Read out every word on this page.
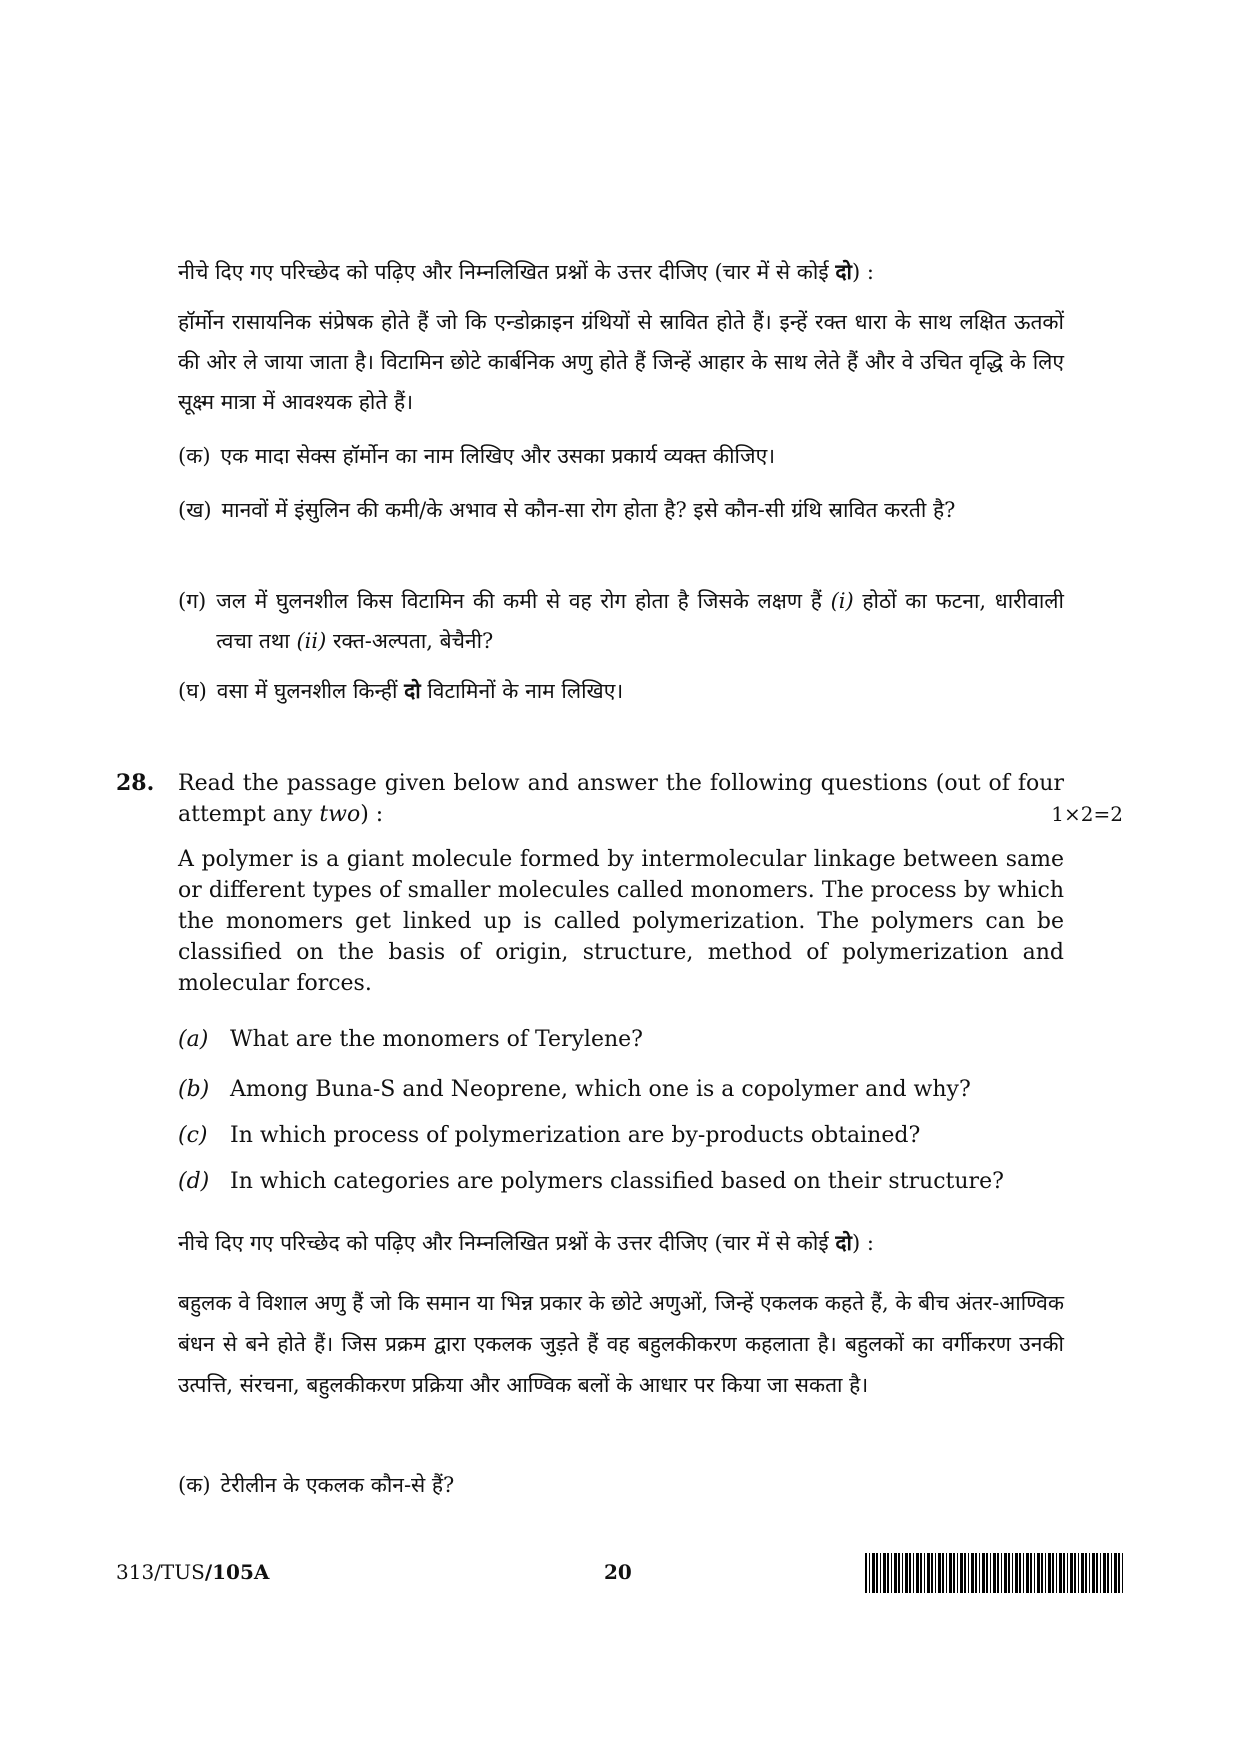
नीचे दिए गए परिच्छेद को पढ़िए और निम्नलिखित प्रश्नों के उत्तर दीजिए (चार में से कोई दो) :
हॉर्मोन रासायनिक संप्रेषक होते हैं जो कि एन्डोक्राइन ग्रंथियों से स्रावित होते हैं। इन्हें रक्त धारा के साथ लक्षित ऊतकों की ओर ले जाया जाता है। विटामिन छोटे कार्बनिक अणु होते हैं जिन्हें आहार के साथ लेते हैं और वे उचित वृद्धि के लिए सूक्ष्म मात्रा में आवश्यक होते हैं।
(क) एक मादा सेक्स हॉर्मोन का नाम लिखिए और उसका प्रकार्य व्यक्त कीजिए।
(ख) मानवों में इंसुलिन की कमी/के अभाव से कौन-सा रोग होता है? इसे कौन-सी ग्रंथि स्रावित करती है?
(ग) जल में घुलनशील किस विटामिन की कमी से वह रोग होता है जिसके लक्षण हैं (i) होठों का फटना, धारीवाली त्वचा तथा (ii) रक्त-अल्पता, बेचैनी?
(घ) वसा में घुलनशील किन्हीं दो विटामिनों के नाम लिखिए।
28. Read the passage given below and answer the following questions (out of four attempt any two) :	1×2=2
A polymer is a giant molecule formed by intermolecular linkage between same or different types of smaller molecules called monomers. The process by which the monomers get linked up is called polymerization. The polymers can be classified on the basis of origin, structure, method of polymerization and molecular forces.
(a) What are the monomers of Terylene?
(b) Among Buna-S and Neoprene, which one is a copolymer and why?
(c)	In which process of polymerization are by-products obtained?
(d) In which categories are polymers classified based on their structure?
नीचे दिए गए परिच्छेद को पढ़िए और निम्नलिखित प्रश्नों के उत्तर दीजिए (चार में से कोई दो) :
बहुलक वे विशाल अणु हैं जो कि समान या भिन्न प्रकार के छोटे अणुओं, जिन्हें एकलक कहते हैं, के बीच अंतर-आण्विक बंधन से बने होते हैं। जिस प्रक्रम द्वारा एकलक जुड़ते हैं वह बहुलकीकरण कहलाता है। बहुलकों का वर्गीकरण उनकी उत्पत्ति, संरचना, बहुलकीकरण प्रक्रिया और आण्विक बलों के आधार पर किया जा सकता है।
(क) टेरीलीन के एकलक कौन-से हैं?
313/TUS/105A	20
